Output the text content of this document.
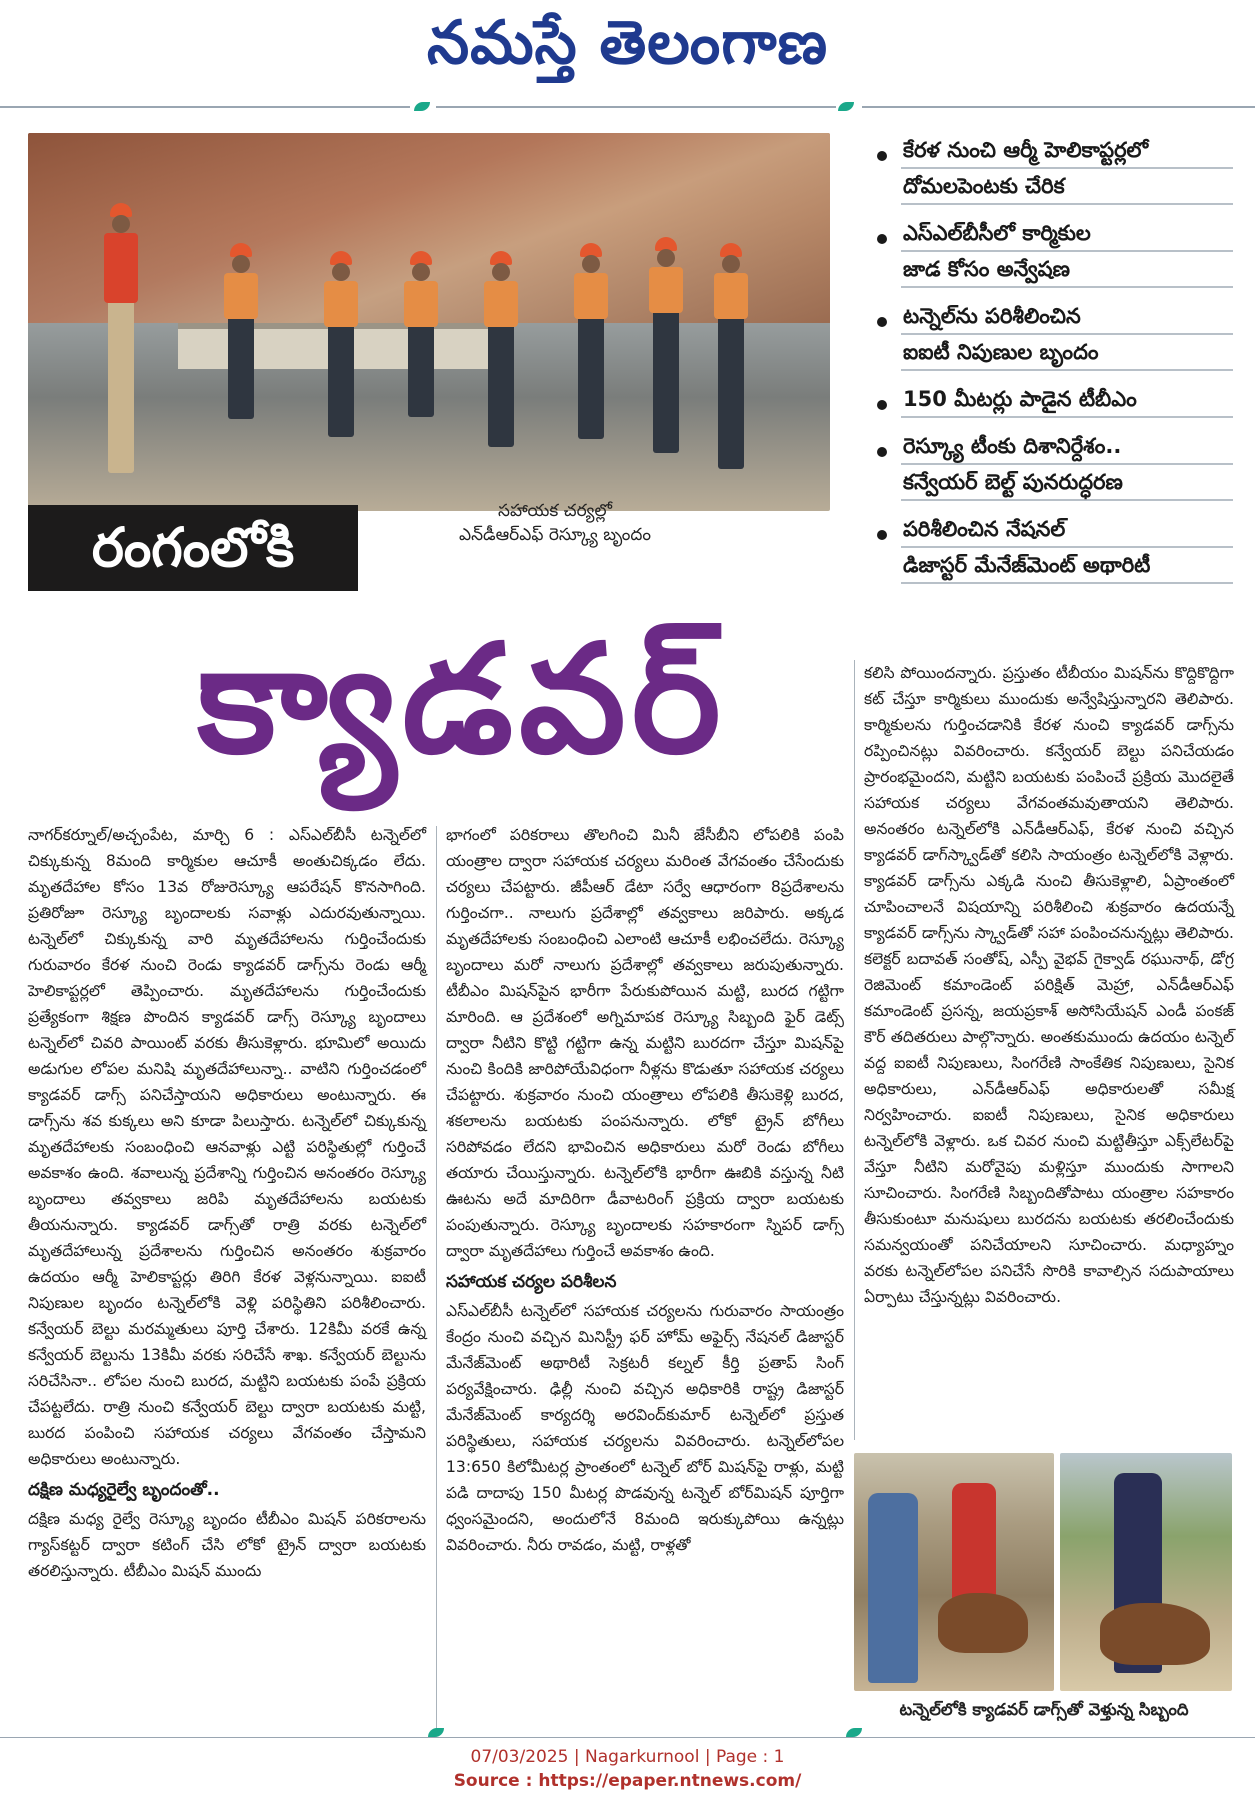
నమస్తే తెలంగాణ
రంగంలోకి
సహాయక చర్యల్లో
ఎన్‌డీఆర్‌ఎఫ్ రెస్క్యూ బృందం
క్యాడవర్
కేరళ నుంచి ఆర్మీ హెలికాప్టర్లలో
దోమలపెంటకు చేరిక
ఎస్‌ఎల్‌బీసీలో కార్మికుల
జాడ కోసం అన్వేషణ
టన్నెల్‌ను పరిశీలించిన
ఐఐటీ నిపుణుల బృందం
150 మీటర్లు పాడైన టీబీఎం
రెస్క్యూ టీంకు దిశానిర్దేశం..
కన్వేయర్ బెల్ట్ పునరుద్ధరణ
పరిశీలించిన నేషనల్
డిజాస్టర్ మేనేజ్‌మెంట్ అథారిటీ

నాగర్‌కర్నూల్/అచ్చంపేట, మార్చి 6 : ఎస్‌ఎల్‌బీసీ టన్నెల్‌లో చిక్కుకున్న 8మంది కార్మికుల ఆచూకీ అంతుచిక్కడం లేదు. మృతదేహాల కోసం 13వ రోజురెస్క్యూ ఆపరేషన్ కొనసాగింది. ప్రతిరోజూ రెస్క్యూ బృందాలకు సవాళ్లు ఎదురవుతున్నాయి. టన్నెల్‌లో చిక్కుకున్న వారి మృతదేహాలను గుర్తించేందుకు గురువారం కేరళ నుంచి రెండు క్యాడవర్ డాగ్స్‌ను రెండు ఆర్మీ హెలికాప్టర్లలో తెప్పించారు. మృతదేహాలను గుర్తించేందుకు ప్రత్యేకంగా శిక్షణ పొందిన క్యాడవర్ డాగ్స్ రెస్క్యూ బృందాలు టన్నెల్‌లో చివరి పాయింట్ వరకు తీసుకెళ్లారు. భూమిలో అయిదు అడుగుల లోపల మనిషి మృతదేహాలున్నా.. వాటిని గుర్తించడంలో క్యాడవర్ డాగ్స్ పనిచేస్తాయని అధికారులు అంటున్నారు. ఈ డాగ్స్‌ను శవ కుక్కలు అని కూడా పిలుస్తారు. టన్నెల్‌లో చిక్కుకున్న మృతదేహాలకు సంబంధించి ఆనవాళ్లు ఎట్టి పరిస్థితుల్లో గుర్తించే అవకాశం ఉంది. శవాలున్న ప్రదేశాన్ని గుర్తించిన అనంతరం రెస్క్యూ బృందాలు తవ్వకాలు జరిపి మృతదేహాలను బయటకు తీయనున్నారు. క్యాడవర్ డాగ్స్‌తో రాత్రి వరకు టన్నెల్‌లో మృతదేహాలున్న ప్రదేశాలను గుర్తించిన అనంతరం శుక్రవారం ఉదయం ఆర్మీ హెలికాప్టర్లు తిరిగి కేరళ వెళ్లనున్నాయి. ఐఐటీ నిపుణుల బృందం టన్నెల్‌లోకి వెళ్లి పరిస్థితిని పరిశీలించారు. కన్వేయర్ బెల్టు మరమ్మతులు పూర్తి చేశారు. 12కిమీ వరకే ఉన్న కన్వేయర్ బెల్టును 13కిమీ వరకు సరిచేసే శాఖ. కన్వేయర్ బెల్టును సరిచేసినా.. లోపల నుంచి బురద, మట్టిని బయటకు పంపే ప్రక్రియ చేపట్టలేదు. రాత్రి నుంచి కన్వేయర్ బెల్టు ద్వారా బయటకు మట్టి, బురద పంపించి సహాయక చర్యలు వేగవంతం చేస్తామని అధికారులు అంటున్నారు.

దక్షిణ మధ్యరైల్వే బృందంతో..

దక్షిణ మధ్య రైల్వే రెస్క్యూ బృందం టీబీఎం మిషన్ పరికరాలను గ్యాస్‌కట్టర్ ద్వారా కటింగ్ చేసి లోకో ట్రైన్ ద్వారా బయటకు తరలిస్తున్నారు. టీబీఎం మిషన్ ముందు

భాగంలో పరికరాలు తొలగించి మినీ జేసీబీని లోపలికి పంపి యంత్రాల ద్వారా సహాయక చర్యలు మరింత వేగవంతం చేసేందుకు చర్యలు చేపట్టారు. జీపీఆర్ డేటా సర్వే ఆధారంగా 8ప్రదేశాలను గుర్తించగా.. నాలుగు ప్రదేశాల్లో తవ్వకాలు జరిపారు. అక్కడ మృతదేహాలకు సంబంధించి ఎలాంటి ఆచూకీ లభించలేదు. రెస్క్యూ బృందాలు మరో నాలుగు ప్రదేశాల్లో తవ్వకాలు జరుపుతున్నారు. టీబీఎం మిషన్‌పైన భారీగా పేరుకుపోయిన మట్టి, బురద గట్టిగా మారింది. ఆ ప్రదేశంలో అగ్నిమాపక రెస్క్యూ సిబ్బంది ఫైర్ డెట్స్ ద్వారా నీటిని కొట్టి గట్టిగా ఉన్న మట్టిని బురదగా చేస్తూ మిషన్‌పై నుంచి కిందికి జారిపోయేవిధంగా నీళ్లను కొడుతూ సహాయక చర్యలు చేపట్టారు. శుక్రవారం నుంచి యంత్రాలు లోపలికి తీసుకెళ్లి బురద, శకలాలను బయటకు పంపనున్నారు. లోకో ట్రైన్ బోగీలు సరిపోవడం లేదని భావించిన అధికారులు మరో రెండు బోగీలు తయారు చేయిస్తున్నారు. టన్నెల్‌లోకి భారీగా ఊబికి వస్తున్న నీటి ఊటను అదే మాదిరిగా డీవాటరింగ్ ప్రక్రియ ద్వారా బయటకు పంపుతున్నారు. రెస్క్యూ బృందాలకు సహకారంగా స్నిపర్ డాగ్స్ ద్వారా మృతదేహాలు గుర్తించే అవకాశం ఉంది.

సహాయక చర్యల పరిశీలన

ఎస్‌ఎల్‌బీసీ టన్నెల్‌లో సహాయక చర్యలను గురువారం సాయంత్రం కేంద్రం నుంచి వచ్చిన మినిస్ట్రీ ఫర్ హోమ్ అఫైర్స్ నేషనల్ డిజాస్టర్ మేనేజ్‌మెంట్ అథారిటీ సెక్రటరీ కల్నల్ కీర్తి ప్రతాప్ సింగ్ పర్యవేక్షించారు. ఢిల్లీ నుంచి వచ్చిన అధికారికి రాష్ట్ర డిజాస్టర్ మేనేజ్‌మెంట్ కార్యదర్శి అరవింద్‌కుమార్ టన్నెల్‌లో ప్రస్తుత పరిస్థితులు, సహాయక చర్యలను వివరించారు. టన్నెల్‌లోపల 13:650 కిలోమీటర్ల ప్రాంతంలో టన్నెల్ బోర్ మిషన్‌పై రాళ్లు, మట్టి పడి దాదాపు 150 మీటర్ల పొడవున్న టన్నెల్ బోర్‌మిషన్ పూర్తిగా ధ్వంసమైందని, అందులోనే 8మంది ఇరుక్కుపోయి ఉన్నట్లు వివరించారు. నీరు రావడం, మట్టి, రాళ్లతో

కలిసి పోయిందన్నారు. ప్రస్తుతం టీబీయం మిషన్‌ను కొద్దికొద్దిగా కట్ చేస్తూ కార్మికులు ముందుకు అన్వేషిస్తున్నారని తెలిపారు. కార్మికులను గుర్తించడానికి కేరళ నుంచి క్యాడవర్ డాగ్స్‌ను రప్పించినట్లు వివరించారు. కన్వేయర్ బెల్టు పనిచేయడం ప్రారంభమైందని, మట్టిని బయటకు పంపించే ప్రక్రియ మొదలైతే సహాయక చర్యలు వేగవంతమవుతాయని తెలిపారు. అనంతరం టన్నెల్‌లోకి ఎన్‌డీఆర్‌ఎఫ్, కేరళ నుంచి వచ్చిన క్యాడవర్ డాగ్‌స్క్వాడ్‌తో కలిసి సాయంత్రం టన్నెల్‌లోకి వెళ్లారు. క్యాడవర్ డాగ్స్‌ను ఎక్కడి నుంచి తీసుకెళ్లాలి, ఏప్రాంతంలో చూపించాలనే విషయాన్ని పరిశీలించి శుక్రవారం ఉదయన్నే క్యాడవర్ డాగ్స్‌ను స్క్వాడ్‌తో సహా పంపించనున్నట్లు తెలిపారు. కలెక్టర్ బదావత్ సంతోష్, ఎస్పీ వైభవ్ గైక్వాడ్ రఘునాథ్, డోగ్ర రెజిమెంట్ కమాండెంట్ పరిక్షిత్ మెహ్రా, ఎన్‌డీఆర్‌ఎఫ్ కమాండెంట్ ప్రసన్న, జయప్రకాశ్ అసోసియేషన్ ఎండీ పంకజ్ కౌర్ తదితరులు పాల్గొన్నారు. అంతకుముందు ఉదయం టన్నెల్ వద్ద ఐఐటీ నిపుణులు, సింగరేణి సాంకేతిక నిపుణులు, సైనిక అధికారులు, ఎన్‌డీఆర్‌ఎఫ్ అధికారులతో సమీక్ష నిర్వహించారు. ఐఐటీ నిపుణులు, సైనిక అధికారులు టన్నెల్‌లోకి వెళ్లారు. ఒక చివర నుంచి మట్టితీస్తూ ఎక్స్‌లేటర్‌పై వేస్తూ నీటిని మరోవైపు మళ్లిస్తూ ముందుకు సాగాలని సూచించారు. సింగరేణి సిబ్బందితోపాటు యంత్రాల సహకారం తీసుకుంటూ మనుషులు బురదను బయటకు తరలించేందుకు సమన్వయంతో పనిచేయాలని సూచించారు. మధ్యాహ్నం వరకు టన్నెల్‌లోపల పనిచేసే సొరికి కావాల్సిన సదుపాయాలు ఏర్పాటు చేస్తున్నట్లు వివరించారు.

టన్నెల్‌లోకి క్యాడవర్ డాగ్స్‌తో వెళ్తున్న సిబ్బంది
07/03/2025 | Nagarkurnool | Page : 1
Source : https://epaper.ntnews.com/
